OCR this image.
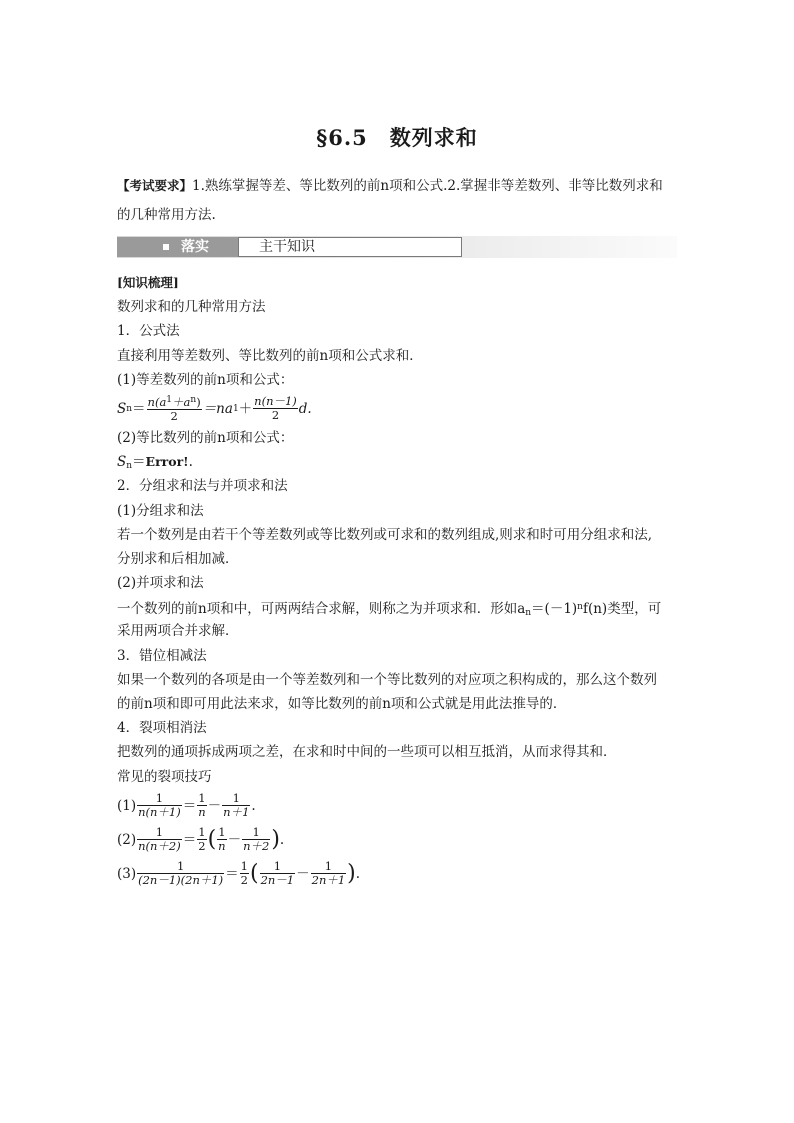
§6.5　数列求和
【考试要求】1.熟练掌握等差、等比数列的前n项和公式.2.掌握非等差数列、非等比数列求和
的几种常用方法.
落实	主干知识
[知识梳理]
数列求和的几种常用方法
1．公式法
直接利用等差数列、等比数列的前n项和公式求和．
(1)等差数列的前n项和公式：
S $n = \frac{n(a^1+a^n)}{2} =na$ $1 + \frac{n(n-1)}{2} d$.
(2)等比数列的前n项和公式：
$S_n=Error$!.
2．分组求和法与并项求和法
(1)分组求和法
若一个数列是由若干个等差数列或等比数列或可求和的数列组成,则求和时可用分组求和法,
分别求和后相加减．
(2)并项求和法
一个数列的前n项和中，可两两结合求解，则称之为并项求和．形如$a_n=(-1)^nf(n)$类型，可
采用两项合并求解．
3．错位相减法
如果一个数列的各项是由一个等差数列和一个等比数列的对应项之积构成的，那么这个数列
的前n项和即可用此法来求，如等比数列的前n项和公式就是用此法推导的．
4．裂项相消法
把数列的通项拆成两项之差，在求和时中间的一些项可以相互抵消，从而求得其和．
常见的裂项技巧
$(1) \frac{1}{n(n+1)} = \frac{1}{n} - \frac{1}{n+1}$ .
$(2) \frac{1}{n(n+2)} = \frac{1}{2}$ ( $\frac{1}{n} - \frac{1}{n+2}$ ) .
$(3) \frac{1}{(2n-1)(2n+1)} = \frac{1}{2}$ ( $\frac{1}{2n-1} - \frac{1}{2n+1}$ ) .
